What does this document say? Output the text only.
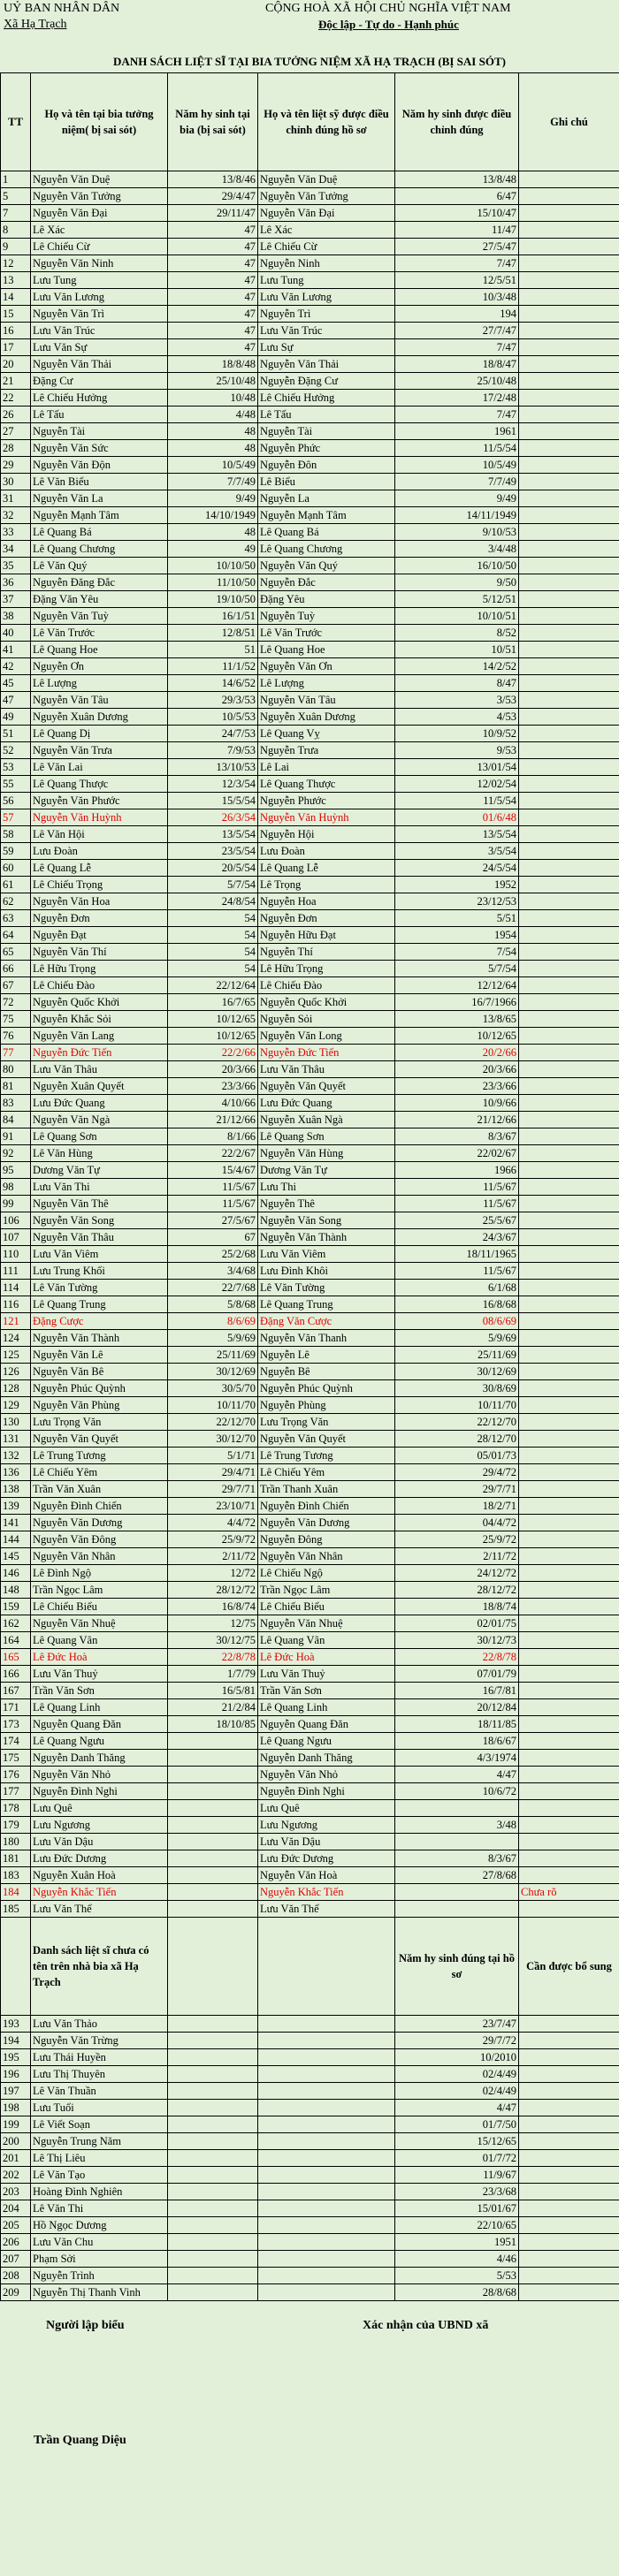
UỶ BAN NHÂN DÂN
Xã Hạ Trạch
CỘNG HOÀ XÃ HỘI CHỦ NGHĨA VIỆT NAM
Độc lập - Tự do - Hạnh phúc
DANH SÁCH LIỆT SĨ TẠI BIA TƯỞNG NIỆM XÃ HẠ TRẠCH (BỊ SAI SÓT)
TT	Họ và tên tại bia tưởng niệm( bị sai sót)	Năm hy sinh tại bia (bị sai sót)	Họ và tên liệt sỹ được điều chỉnh đúng hồ sơ	Năm hy sinh được điều chỉnh đúng	Ghi chú
1	Nguyễn Văn Duệ	13/8/46	Nguyễn Văn Duệ	13/8/48	
5	Nguyễn Văn Tưởng	29/4/47	Nguyễn Văn Tưởng	6/47	
7	Nguyễn Văn Đại	29/11/47	Nguyễn Văn Đại	15/10/47	
8	Lê Xác	47	Lê Xác	11/47	
9	Lê Chiếu Cừ	47	Lê Chiếu Cừ	27/5/47	
12	Nguyễn Văn Ninh	47	Nguyễn Ninh	7/47	
13	Lưu Tung	47	Lưu Tung	12/5/51	
14	Lưu Văn Lương	47	Lưu Văn Lương	10/3/48	
15	Nguyễn Văn Trì	47	Nguyễn Trì	194	
16	Lưu Văn Trúc	47	Lưu Văn Trúc	27/7/47	
17	Lưu Văn Sự	47	Lưu Sự	7/47	
20	Nguyễn Văn Thải	18/8/48	Nguyễn Văn Thải	18/8/47	
21	Đặng Cư	25/10/48	Nguyễn Đặng Cư	25/10/48	
22	Lê Chiếu Hưởng	10/48	Lê Chiếu Hưởng	17/2/48	
26	Lê Tấu	4/48	Lê Tấu	7/47	
27	Nguyễn Tài	48	Nguyễn Tài	1961	
28	Nguyễn Văn Sức	48	Nguyễn Phức	11/5/54	
29	Nguyễn Văn Độn	10/5/49	Nguyễn Đôn	10/5/49	
30	Lê Văn Biểu	7/7/49	Lê Biểu	7/7/49	
31	Nguyễn Văn La	9/49	Nguyễn La	9/49	
32	Nguyễn Mạnh Tâm	14/10/1949	Nguyễn Mạnh Tâm	14/11/1949	
33	Lê Quang Bá	48	Lê Quang Bá	9/10/53	
34	Lê Quang Chương	49	Lê Quang Chương	3/4/48	
35	Lê Văn Quý	10/10/50	Nguyễn Văn Quý	16/10/50	
36	Nguyễn Đăng Đắc	11/10/50	Nguyễn Đắc	9/50	
37	Đặng Văn Yêu	19/10/50	Đặng Yêu	5/12/51	
38	Nguyễn Văn Tuỳ	16/1/51	Nguyễn Tuỳ	10/10/51	
40	Lê Văn Trước	12/8/51	Lê Văn Trước	8/52	
41	Lê Quang Hoe	51	Lê Quang Hoe	10/51	
42	Nguyễn Ơn	11/1/52	Nguyễn Văn Ơn	14/2/52	
45	Lê Lượng	14/6/52	Lê Lượng	8/47	
47	Nguyễn Văn Tâu	29/3/53	Nguyễn Văn Tâu	3/53	
49	Nguyễn Xuân Dương	10/5/53	Nguyễn Xuân Dương	4/53	
51	Lê Quang Dị	24/7/53	Lê Quang Vỵ	10/9/52	
52	Nguyễn Văn Trưa	7/9/53	Nguyễn Trưa	9/53	
53	Lê Văn Lai	13/10/53	Lê Lai	13/01/54	
55	Lê Quang Thược	12/3/54	Lê Quang Thược	12/02/54	
56	Nguyễn Văn Phước	15/5/54	Nguyễn Phước	11/5/54	
57	Nguyễn Văn Huỳnh	26/3/54	Nguyễn Văn Huỳnh	01/6/48	
58	Lê Văn Hội	13/5/54	Nguyễn Hội	13/5/54	
59	Lưu Đoàn	23/5/54	Lưu Đoàn	3/5/54	
60	Lê Quang Lễ	20/5/54	Lê Quang Lễ	24/5/54	
61	Lê Chiếu Trọng	5/7/54	Lê Trọng	1952	
62	Nguyễn Văn Hoa	24/8/54	Nguyễn Hoa	23/12/53	
63	Nguyễn Đơn	54	Nguyễn Đơn	5/51	
64	Nguyễn Đạt	54	Nguyễn Hữu Đạt	1954	
65	Nguyễn Văn Thí	54	Nguyễn Thí	7/54	
66	Lê Hữu Trọng	54	Lê Hữu Trọng	5/7/54	
67	Lê Chiếu Đào	22/12/64	Lê Chiếu Đào	12/12/64	
72	Nguyễn Quốc Khởi	16/7/65	Nguyễn Quốc Khởi	16/7/1966	
75	Nguyễn Khắc Sỏi	10/12/65	Nguyễn Sỏi	13/8/65	
76	Nguyễn Văn Lang	10/12/65	Nguyễn Văn Long	10/12/65	
77	Nguyễn Đức Tiến	22/2/66	Nguyễn Đức Tiến	20/2/66	
80	Lưu Văn Thâu	20/3/66	Lưu Văn Thâu	20/3/66	
81	Nguyễn Xuân Quyết	23/3/66	Nguyễn Văn Quyết	23/3/66	
83	Lưu Đức Quang	4/10/66	Lưu Đức Quang	10/9/66	
84	Nguyễn Văn Ngà	21/12/66	Nguyễn Xuân Ngà	21/12/66	
91	Lê Quang Sơn	8/1/66	Lê Quang Sơn	8/3/67	
92	Lê Văn Hùng	22/2/67	Nguyễn Văn Hùng	22/02/67	
95	Dương Văn Tự	15/4/67	Dương Văn Tự	1966	
98	Lưu Văn Thi	11/5/67	Lưu Thi	11/5/67	
99	Nguyễn Văn Thê	11/5/67	Nguyễn Thê	11/5/67	
106	Nguyễn Văn Song	27/5/67	Nguyễn Văn Song	25/5/67	
107	Nguyễn Văn Thâu	67	Nguyễn Văn Thành	24/3/67	
110	Lưu Văn Viêm	25/2/68	Lưu Văn Viêm	18/11/1965	
111	Lưu Trung Khối	3/4/68	Lưu Đình Khôi	11/5/67	
114	Lê Văn Tường	22/7/68	Lê Văn Tường	6/1/68	
116	Lê Quang Trung	5/8/68	Lê Quang Trung	16/8/68	
121	Đặng Cược	8/6/69	Đặng Văn Cược	08/6/69	
124	Nguyễn Văn Thành	5/9/69	Nguyễn Văn Thanh	5/9/69	
125	Nguyễn Văn Lê	25/11/69	Nguyễn Lê	25/11/69	
126	Nguyễn Văn Bê	30/12/69	Nguyễn Bê	30/12/69	
128	Nguyễn Phúc Quỳnh	30/5/70	Nguyễn Phúc Quỳnh	30/8/69	
129	Nguyễn Văn Phùng	10/11/70	Nguyễn Phùng	10/11/70	
130	Lưu Trọng Văn	22/12/70	Lưu Trọng Văn	22/12/70	
131	Nguyễn Văn Quyết	30/12/70	Nguyễn Văn Quyết	28/12/70	
132	Lê Trung Tương	5/1/71	Lê Trung Tương	05/01/73	
136	Lê Chiếu Yêm	29/4/71	Lê Chiếu Yêm	29/4/72	
138	Trần Văn Xuân	29/7/71	Trần Thanh Xuân	29/7/71	
139	Nguyễn Đình Chiến	23/10/71	Nguyễn Đình Chiến	18/2/71	
141	Nguyễn Văn Dương	4/4/72	Nguyễn Văn Dương	04/4/72	
144	Nguyễn Văn Đông	25/9/72	Nguyễn Đông	25/9/72	
145	Nguyễn Văn Nhân	2/11/72	Nguyễn Văn Nhân	2/11/72	
146	Lê Đình Ngộ	12/72	Lê Chiếu Ngộ	24/12/72	
148	Trần Ngọc Lâm	28/12/72	Trần Ngọc Lâm	28/12/72	
159	Lê Chiếu Biểu	16/8/74	Lê Chiếu Biểu	18/8/74	
162	Nguyễn Văn Nhuệ	12/75	Nguyễn Văn Nhuệ	02/01/75	
164	Lê Quang Vân	30/12/75	Lê Quang Vân	30/12/73	
165	Lê Đức Hoà	22/8/78	Lê Đức Hoà	22/8/78	
166	Lưu Văn Thuỷ	1/7/79	Lưu Văn Thuỷ	07/01/79	
167	Trần Văn Sơn	16/5/81	Trần Văn Sơn	16/7/81	
171	Lê Quang Linh	21/2/84	Lê Quang Linh	20/12/84	
173	Nguyễn Quang Đăn	18/10/85	Nguyễn Quang Đăn	18/11/85	
174	Lê Quang Ngưu		Lê Quang Ngưu	18/6/67	
175	Nguyễn Danh Thăng		Nguyễn Danh Thăng	4/3/1974	
176	Nguyễn Văn Nhỏ		Nguyễn Văn Nhỏ	4/47	
177	Nguyễn Đình Nghi		Nguyễn Đình Nghi	10/6/72	
178	Lưu Quê		Lưu Quê		
179	Lưu Ngương		Lưu Ngương	3/48	
180	Lưu Văn Dậu		Lưu Văn Dậu		
181	Lưu Đức Dương		Lưu Đức Dương	8/3/67	
183	Nguyễn Xuân Hoà		Nguyễn Văn Hoà	27/8/68	
184	Nguyễn Khắc Tiến		Nguyễn Khắc Tiến		Chưa rõ
185	Lưu Văn Thể		Lưu Văn Thể		
	Danh sách liệt sĩ chưa có tên trên nhà bia xã Hạ Trạch			Năm hy sinh đúng tại hồ sơ	Cần được bổ sung
193	Lưu Văn Thảo			23/7/47	
194	Nguyễn Văn Trừng			29/7/72	
195	Lưu Thái Huyền			10/2010	
196	Lưu Thị Thuyên			02/4/49	
197	Lê Văn Thuần			02/4/49	
198	Lưu Tuổi			4/47	
199	Lê Viết Soạn			01/7/50	
200	Nguyễn Trung Năm			15/12/65	
201	Lê Thị Liêu			01/7/72	
202	Lê Văn Tạo			11/9/67	
203	Hoàng Đình Nghiên			23/3/68	
204	Lê Văn Thi			15/01/67	
205	Hồ Ngọc Dương			22/10/65	
206	Lưu Văn Chu			1951	
207	Phạm Sởi			4/46	
208	Nguyễn Trình			5/53	
209	Nguyễn Thị Thanh Vinh			28/8/68	
Người lập biểu	Xác nhận của UBND xã
Trần Quang Diệu
